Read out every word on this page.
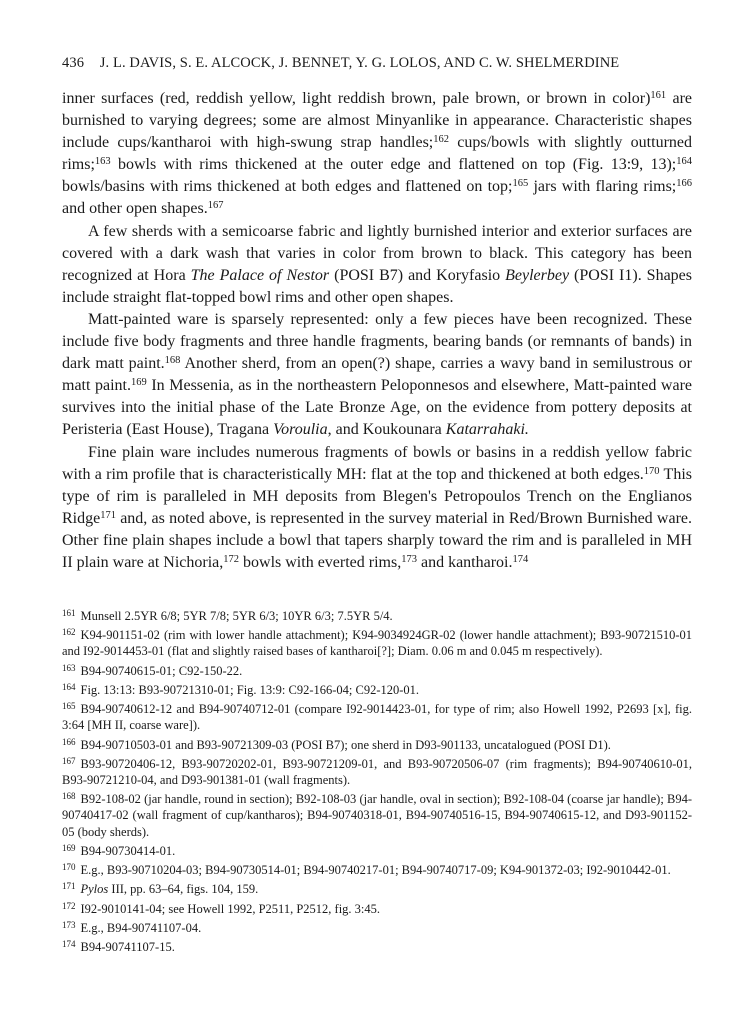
436 J. L. DAVIS, S. E. ALCOCK, J. BENNET, Y. G. LOLOS, AND C. W. SHELMERDINE

inner surfaces (red, reddish yellow, light reddish brown, pale brown, or brown in color)$^{161}$ are burnished to varying degrees; some are almost Minyanlike in appearance. Characteristic shapes include cups/kantharoi with high-swung strap handles;$^{162}$ cups/bowls with slightly outturned rims;$^{163}$ bowls with rims thickened at the outer edge and flattened on top (Fig. 13:9, 13);$^{164}$ bowls/basins with rims thickened at both edges and flattened on top;$^{165}$ jars with flaring rims;$^{166}$ and other open shapes.$^{167}$

A few sherds with a semicoarse fabric and lightly burnished interior and exterior surfaces are covered with a dark wash that varies in color from brown to black. This category has been recognized at Hora The Palace of Nestor (POSI B7) and Koryfasio Beylerbey (POSI I1). Shapes include straight flat-topped bowl rims and other open shapes.

Matt-painted ware is sparsely represented: only a few pieces have been recognized. These include five body fragments and three handle fragments, bearing bands (or remnants of bands) in dark matt paint.$^{168}$ Another sherd, from an open(?) shape, carries a wavy band in semilustrous or matt paint.$^{169}$ In Messenia, as in the northeastern Peloponnesos and elsewhere, Matt-painted ware survives into the initial phase of the Late Bronze Age, on the evidence from pottery deposits at Peristeria (East House), Tragana Voroulia, and Koukounara Katarrahaki.

Fine plain ware includes numerous fragments of bowls or basins in a reddish yellow fabric with a rim profile that is characteristically MH: flat at the top and thickened at both edges.$^{170}$ This type of rim is paralleled in MH deposits from Blegen's Petropoulos Trench on the Englianos Ridge$^{171}$ and, as noted above, is represented in the survey material in Red/Brown Burnished ware. Other fine plain shapes include a bowl that tapers sharply toward the rim and is paralleled in MH II plain ware at Nichoria,$^{172}$ bowls with everted rims,$^{173}$ and kantharoi.$^{174}$

$^{161}$ Munsell 2.5YR 6/8; 5YR 7/8; 5YR 6/3; 10YR 6/3; 7.5YR 5/4.
$^{162}$ K94-901151-02 (rim with lower handle attachment); K94-9034924GR-02 (lower handle attachment); B93-90721510-01 and I92-9014453-01 (flat and slightly raised bases of kantharoi[?]; Diam. 0.06 m and 0.045 m respectively).
$^{163}$ B94-90740615-01; C92-150-22.
$^{164}$ Fig. 13:13: B93-90721310-01; Fig. 13:9: C92-166-04; C92-120-01.
$^{165}$ B94-90740612-12 and B94-90740712-01 (compare I92-9014423-01, for type of rim; also Howell 1992, P2693 [x], fig. 3:64 [MH II, coarse ware]).
$^{166}$ B94-90710503-01 and B93-90721309-03 (POSI B7); one sherd in D93-901133, uncatalogued (POSI D1).
$^{167}$ B93-90720406-12, B93-90720202-01, B93-90721209-01, and B93-90720506-07 (rim fragments); B94-90740610-01, B93-90721210-04, and D93-901381-01 (wall fragments).
$^{168}$ B92-108-02 (jar handle, round in section); B92-108-03 (jar handle, oval in section); B92-108-04 (coarse jar handle); B94-90740417-02 (wall fragment of cup/kantharos); B94-90740318-01, B94-90740516-15, B94-90740615-12, and D93-901152-05 (body sherds).
$^{169}$ B94-90730414-01.
$^{170}$ E.g., B93-90710204-03; B94-90730514-01; B94-90740217-01; B94-90740717-09; K94-901372-03; I92-9010442-01.
$^{171}$ Pylos III, pp. 63–64, figs. 104, 159.
$^{172}$ I92-9010141-04; see Howell 1992, P2511, P2512, fig. 3:45.
$^{173}$ E.g., B94-90741107-04.
$^{174}$ B94-90741107-15.
